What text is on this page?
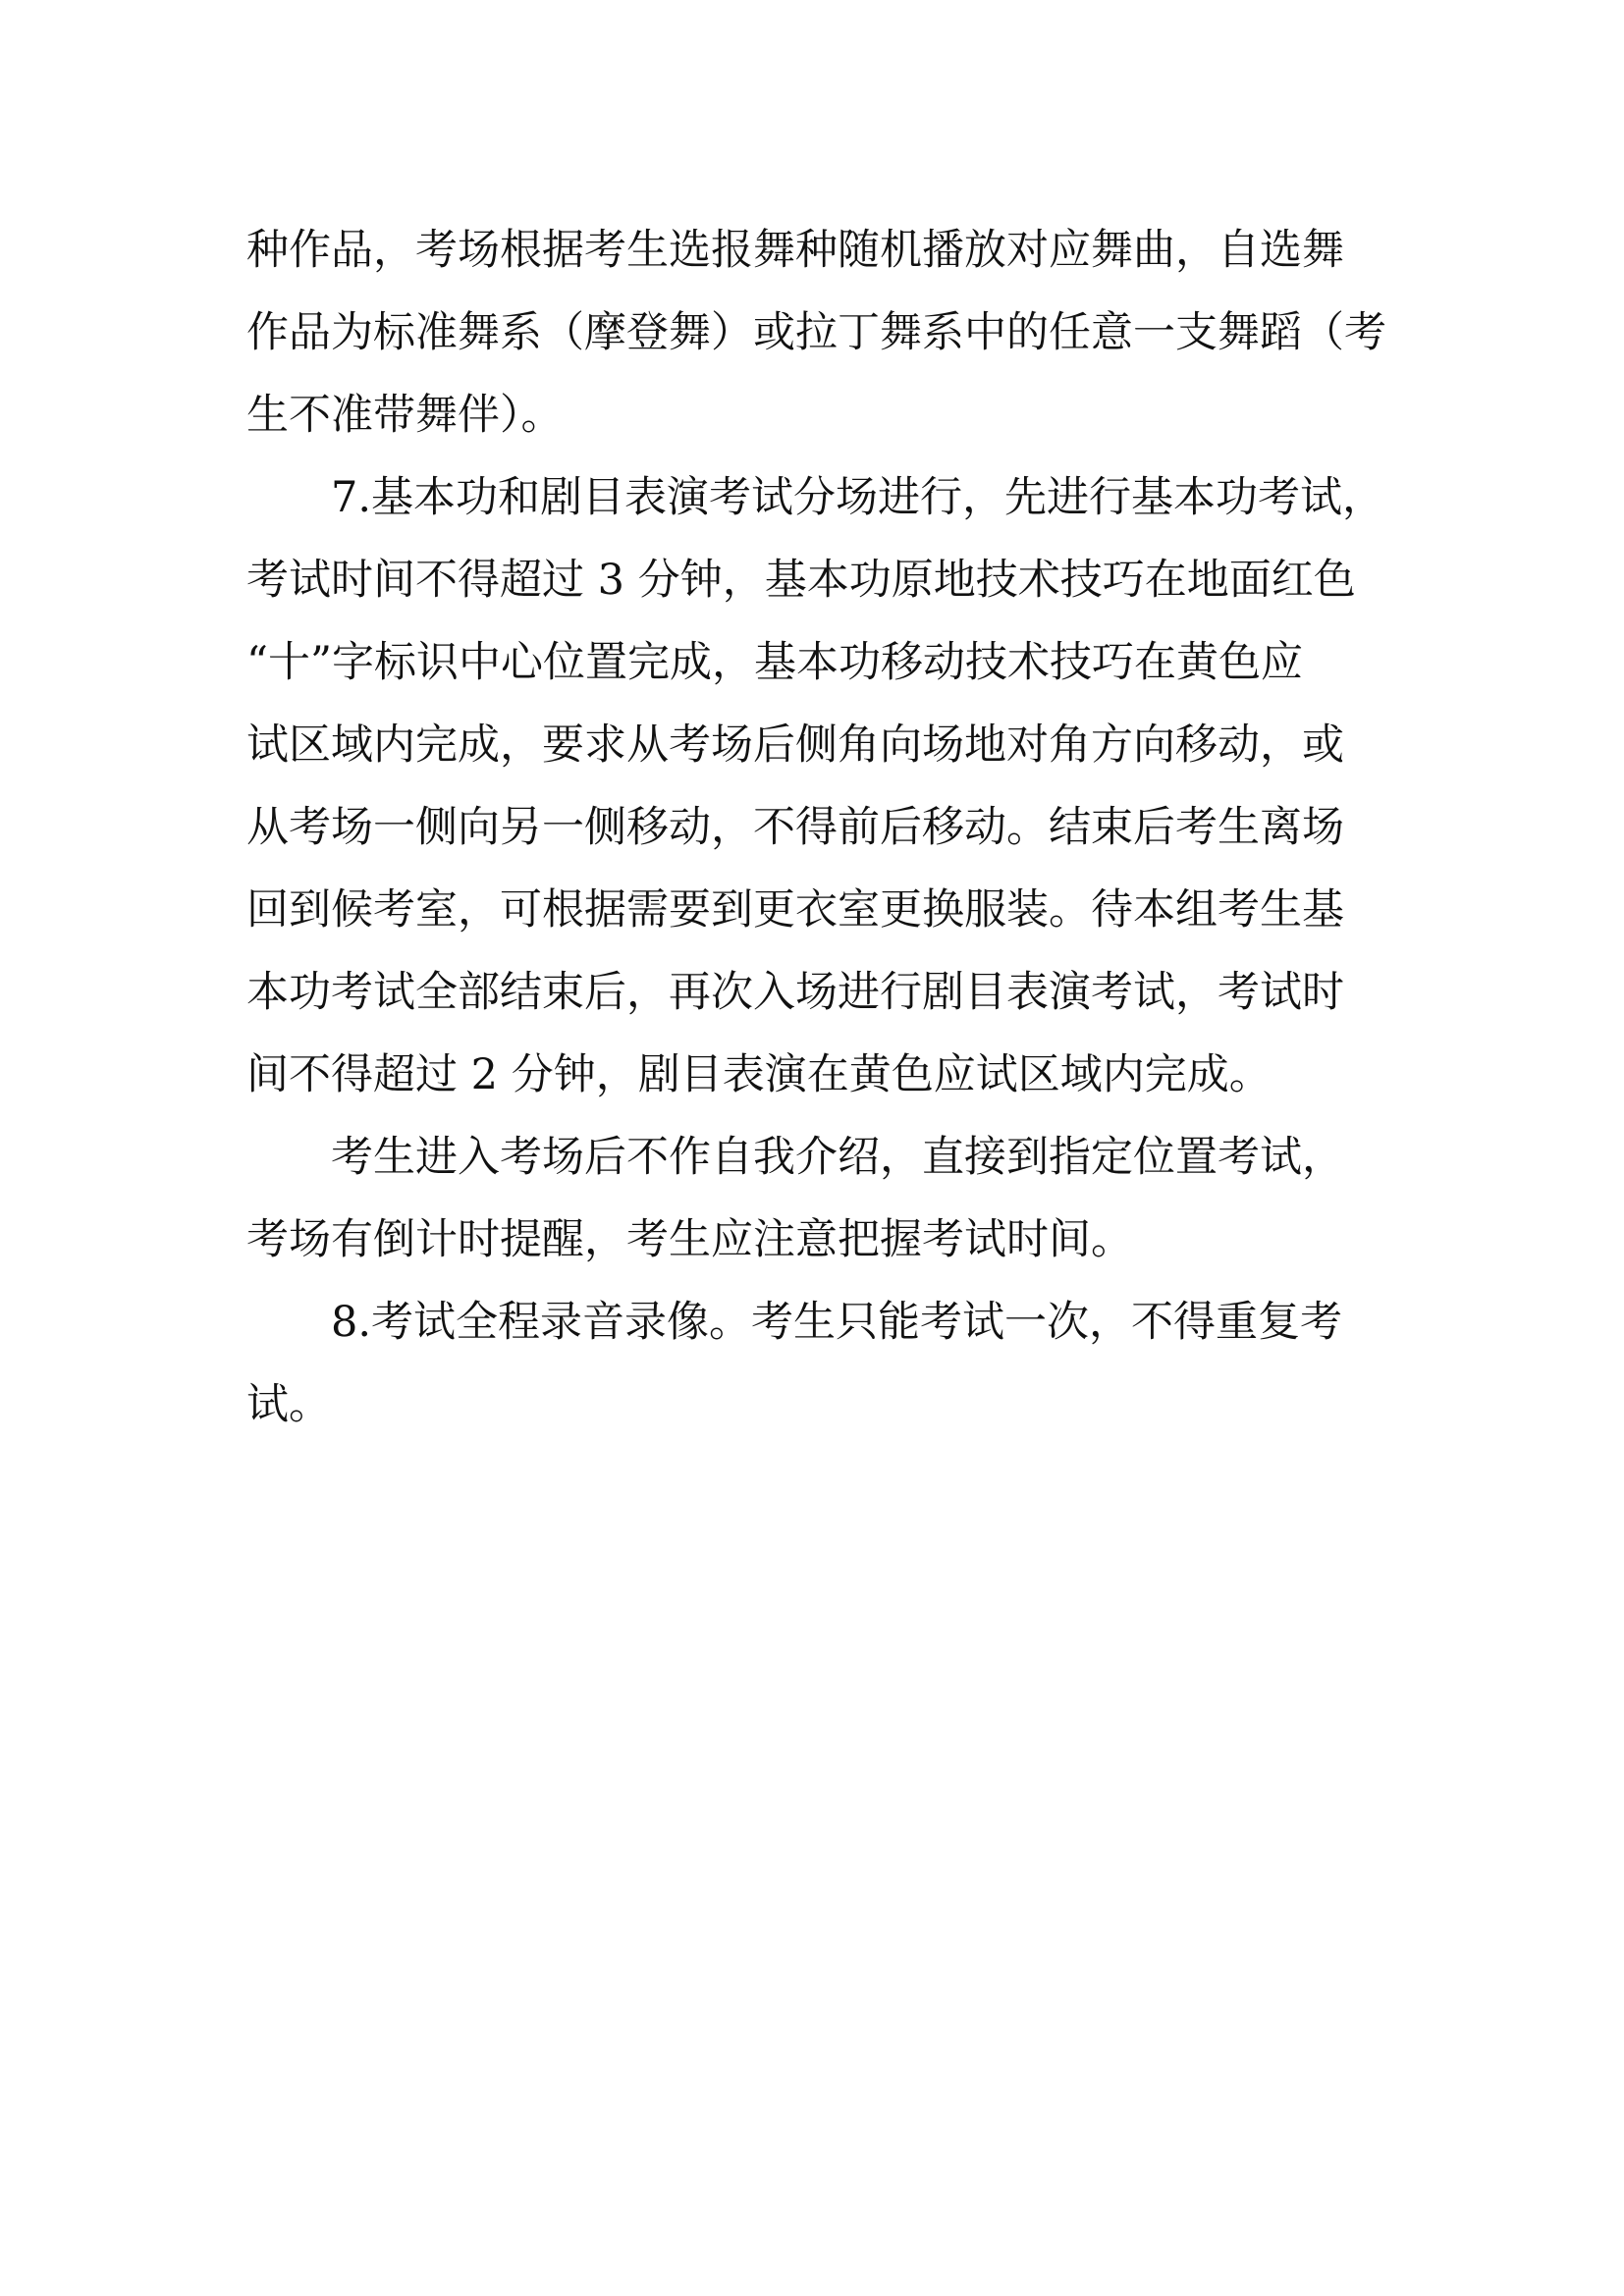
种作品，考场根据考生选报舞种随机播放对应舞曲，自选舞
作品为标准舞系（摩登舞）或拉丁舞系中的任意一支舞蹈（考
生不准带舞伴）。
7.基本功和剧目表演考试分场进行，先进行基本功考试，
考试时间不得超过 3 分钟，基本功原地技术技巧在地面红色
“十”字标识中心位置完成，基本功移动技术技巧在黄色应
试区域内完成，要求从考场后侧角向场地对角方向移动，或
从考场一侧向另一侧移动，不得前后移动。结束后考生离场
回到候考室，可根据需要到更衣室更换服装。待本组考生基
本功考试全部结束后，再次入场进行剧目表演考试，考试时
间不得超过 2 分钟，剧目表演在黄色应试区域内完成。
考生进入考场后不作自我介绍，直接到指定位置考试，
考场有倒计时提醒，考生应注意把握考试时间。
8.考试全程录音录像。考生只能考试一次，不得重复考
试。
